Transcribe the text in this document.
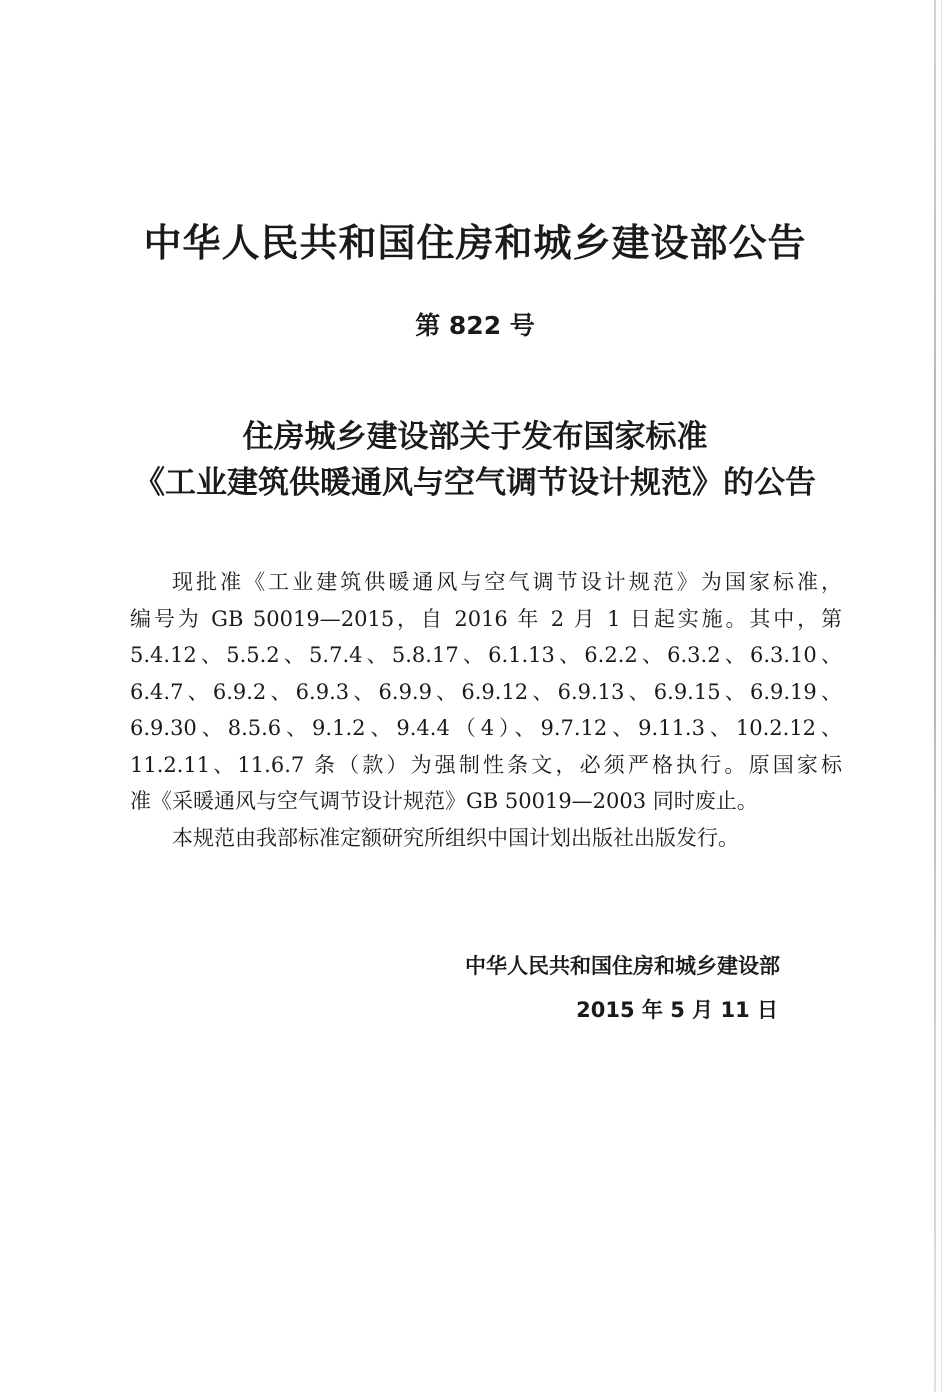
中华人民共和国住房和城乡建设部公告
第 822 号
住房城乡建设部关于发布国家标准
《工业建筑供暖通风与空气调节设计规范》的公告
现批准《工业建筑供暖通风与空气调节设计规范》为国家标准，
编号为 GB 50019—2015，自 2016 年 2 月 1 日起实施。其中，第
5.4.12、5.5.2、5.7.4、5.8.17、6.1.13、6.2.2、6.3.2、6.3.10、
6.4.7、6.9.2、6.9.3、6.9.9、6.9.12、6.9.13、6.9.15、6.9.19、
6.9.30、8.5.6、9.1.2、9.4.4（4）、9.7.12、9.11.3、10.2.12、
11.2.11、11.6.7 条（款）为强制性条文，必须严格执行。原国家标
准《采暖通风与空气调节设计规范》GB 50019—2003 同时废止。
本规范由我部标准定额研究所组织中国计划出版社出版发行。

中华人民共和国住房和城乡建设部

2015 年 5 月 11 日
